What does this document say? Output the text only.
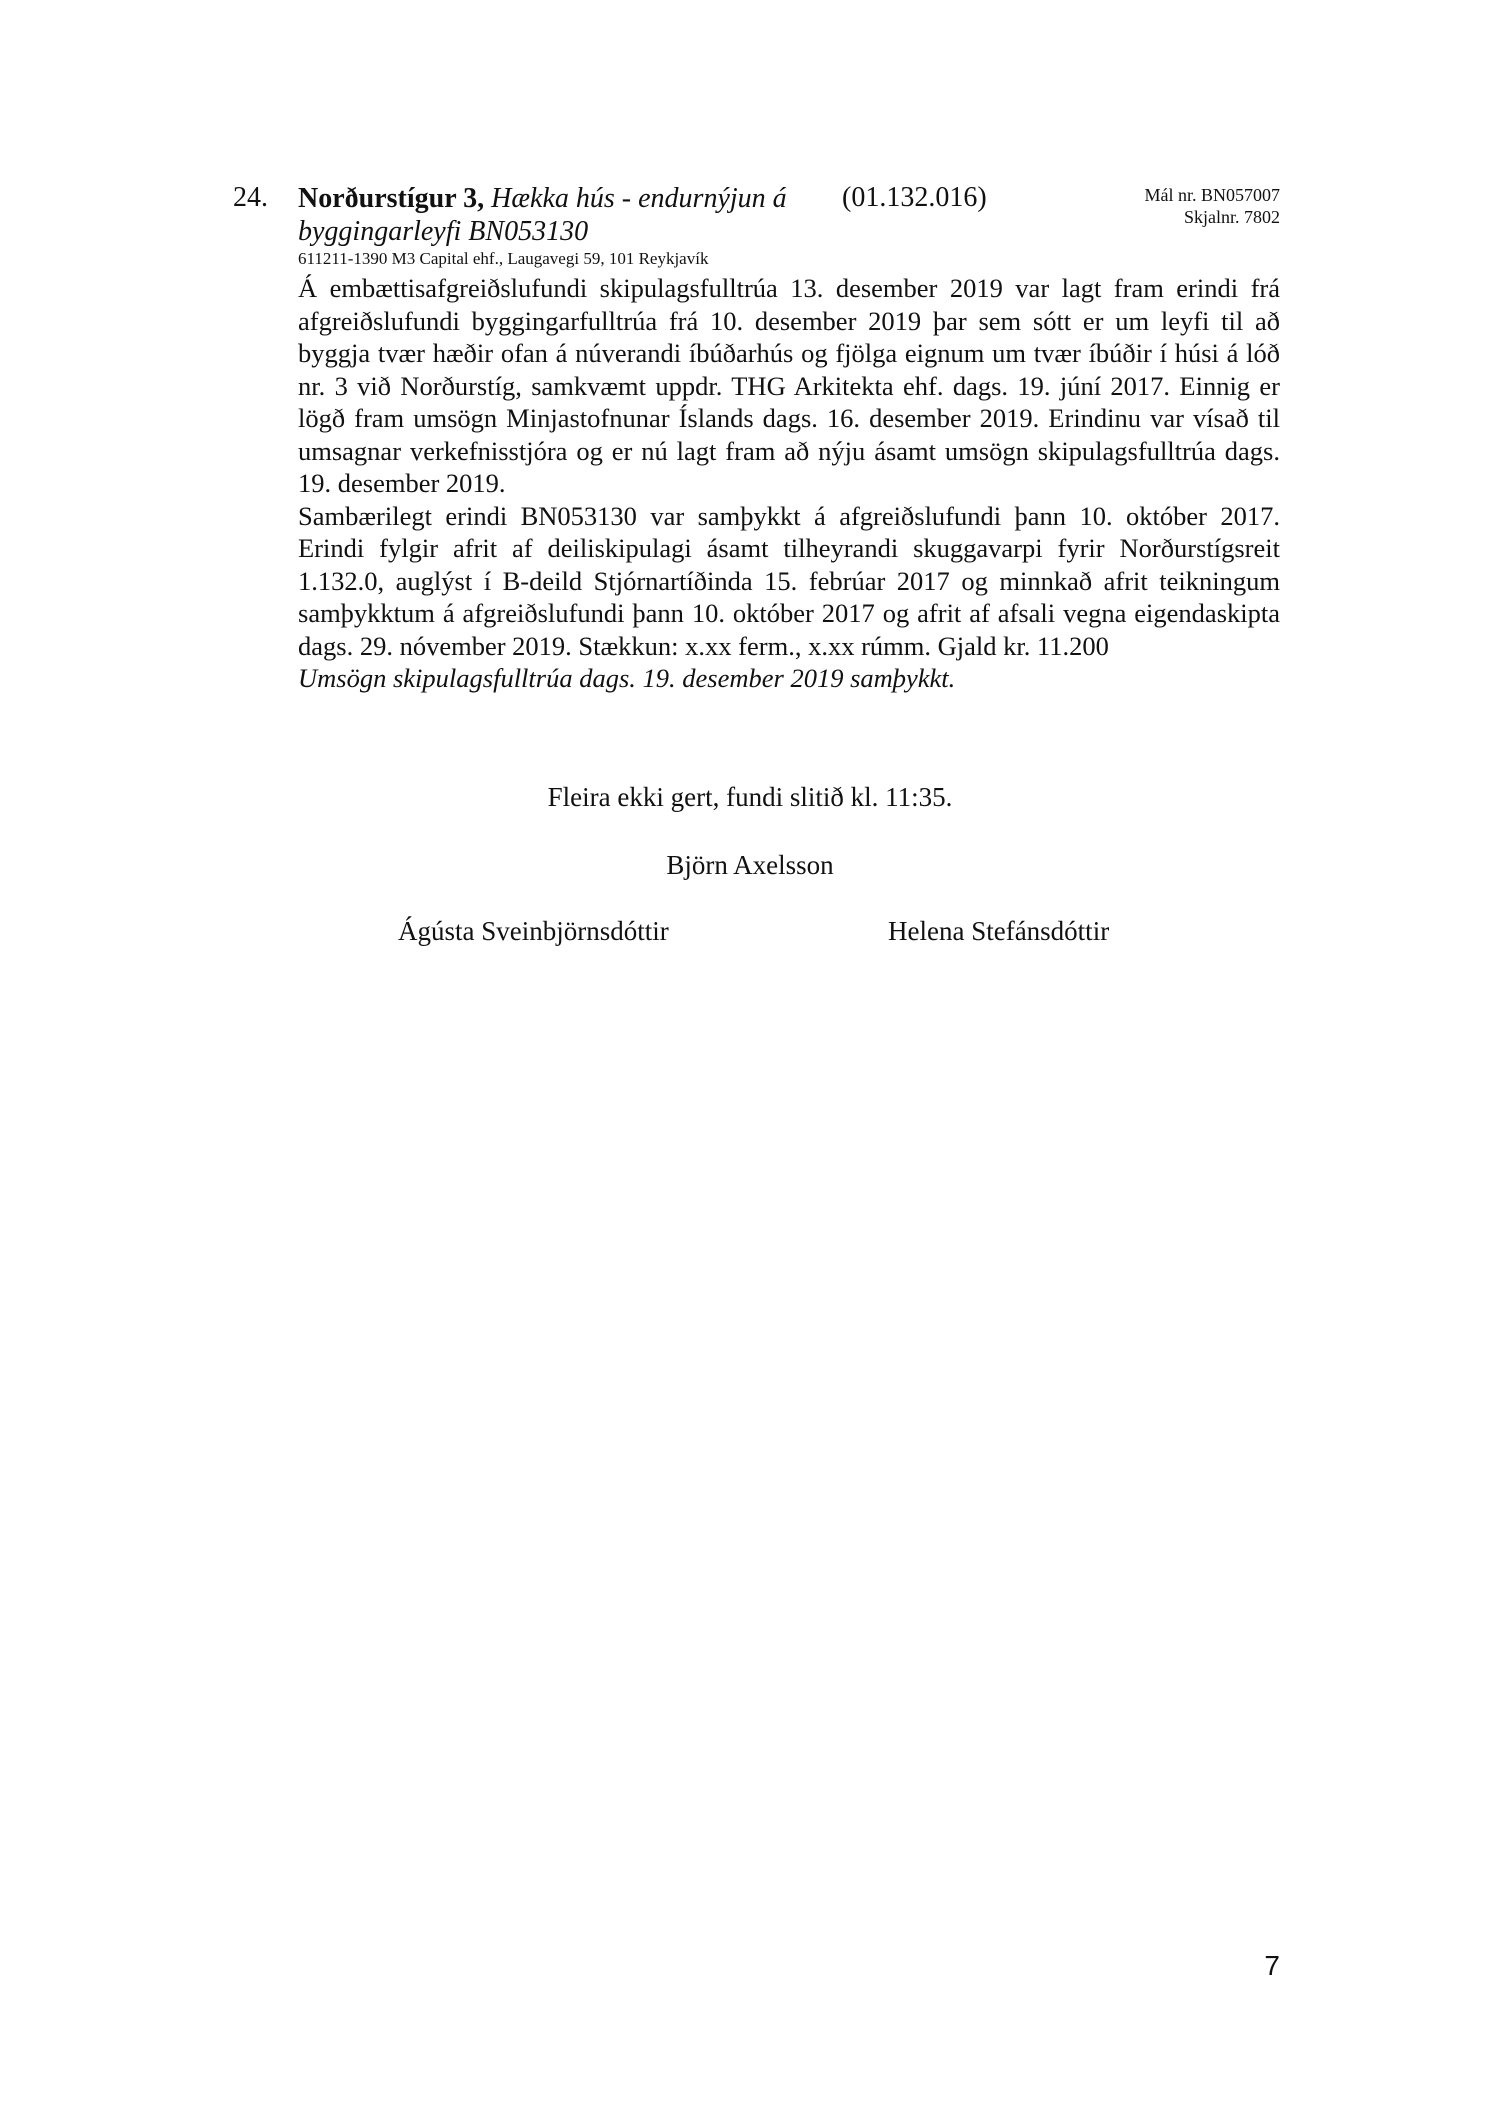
24. Norðurstígur 3, Hækka hús - endurnýjun á byggingarleyfi BN053130
(01.132.016)	Mál nr. BN057007
Skjalnr. 7802
611211-1390 M3 Capital ehf., Laugavegi 59, 101 Reykjavík

Á embættisafgreiðslufundi skipulagsfulltrúa 13. desember 2019 var lagt fram erindi frá afgreiðslufundi byggingarfulltrúa frá 10. desember 2019 þar sem sótt er um leyfi til að byggja tvær hæðir ofan á núverandi íbúðarhús og fjölga eignum um tvær íbúðir í húsi á lóð nr. 3 við Norðurstíg, samkvæmt uppdr. THG Arkitekta ehf. dags. 19. júní 2017. Einnig er lögð fram umsögn Minjastofnunar Íslands dags. 16. desember 2019. Erindinu var vísað til umsagnar verkefnisstjóra og er nú lagt fram að nýju ásamt umsögn skipulagsfulltrúa dags. 19. desember 2019.

Sambærilegt erindi BN053130 var samþykkt á afgreiðslufundi þann 10. október 2017. Erindi fylgir afrit af deiliskipulagi ásamt tilheyrandi skuggavarpi fyrir Norðurstígsreit 1.132.0, auglýst í B-deild Stjórnartíðinda 15. febrúar 2017 og minnkað afrit teikningum samþykktum á afgreiðslufundi þann 10. október 2017 og afrit af afsali vegna eigendaskipta dags. 29. nóvember 2019. Stækkun: x.xx ferm., x.xx rúmm. Gjald kr. 11.200

Umsögn skipulagsfulltrúa dags. 19. desember 2019 samþykkt.

Fleira ekki gert, fundi slitið kl. 11:35.
Björn Axelsson
Ágústa Sveinbjörnsdóttir	Helena Stefánsdóttir
7
